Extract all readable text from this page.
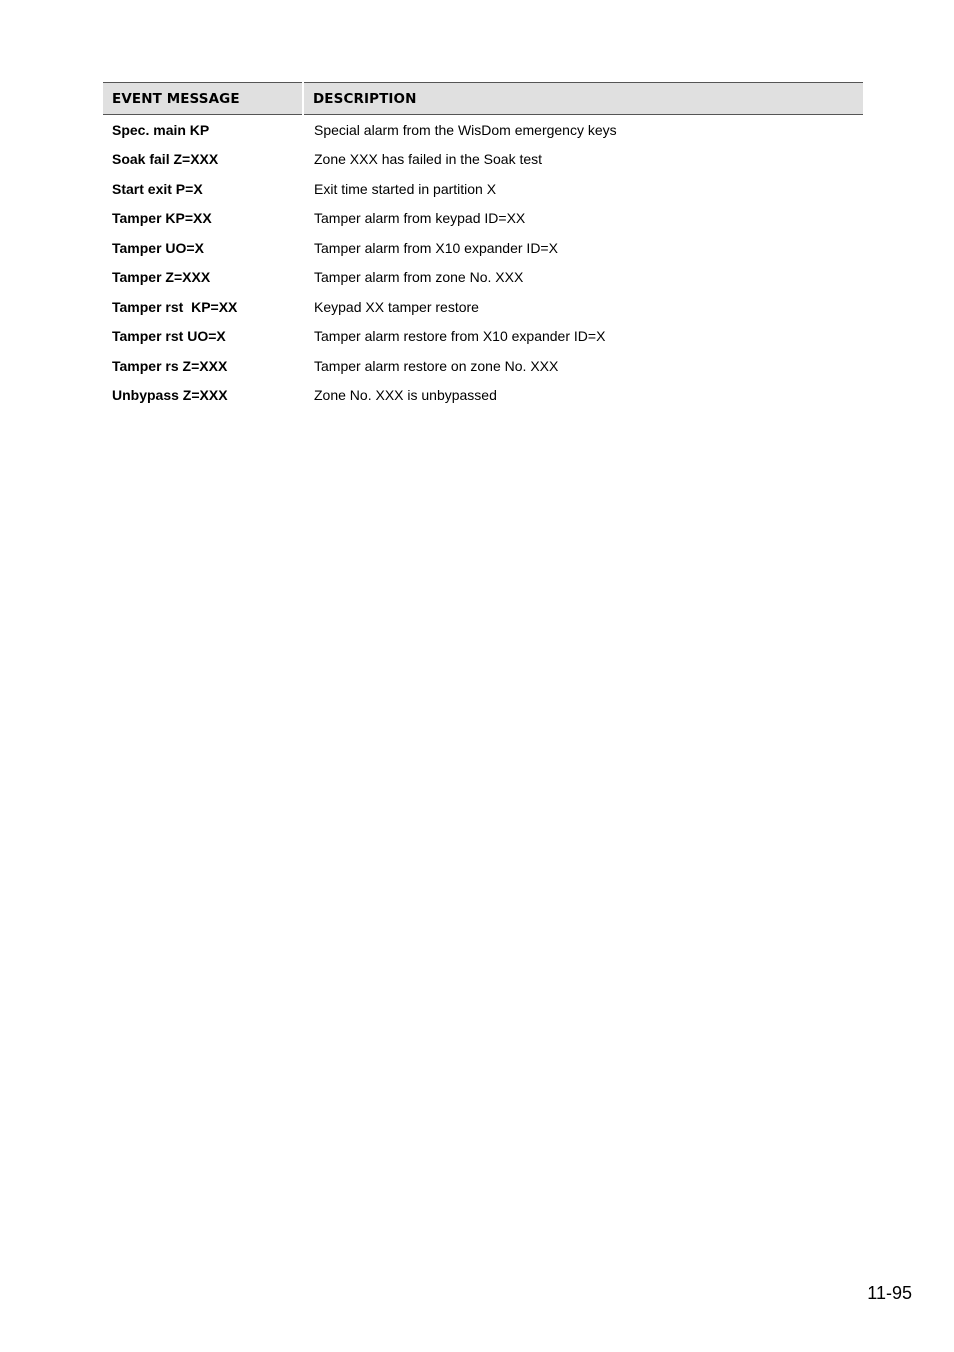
EVENT MESSAGE	DESCRIPTION
Spec. main KP	Special alarm from the WisDom emergency keys
Soak fail Z=XXX	Zone XXX has failed in the Soak test
Start exit P=X	Exit time started in partition X
Tamper KP=XX	Tamper alarm from keypad ID=XX
Tamper UO=X	Tamper alarm from X10 expander ID=X
Tamper Z=XXX	Tamper alarm from zone No. XXX
Tamper rst  KP=XX	Keypad XX tamper restore
Tamper rst UO=X	Tamper alarm restore from X10 expander ID=X
Tamper rs Z=XXX	Tamper alarm restore on zone No. XXX
Unbypass Z=XXX	Zone No. XXX is unbypassed
11-95
